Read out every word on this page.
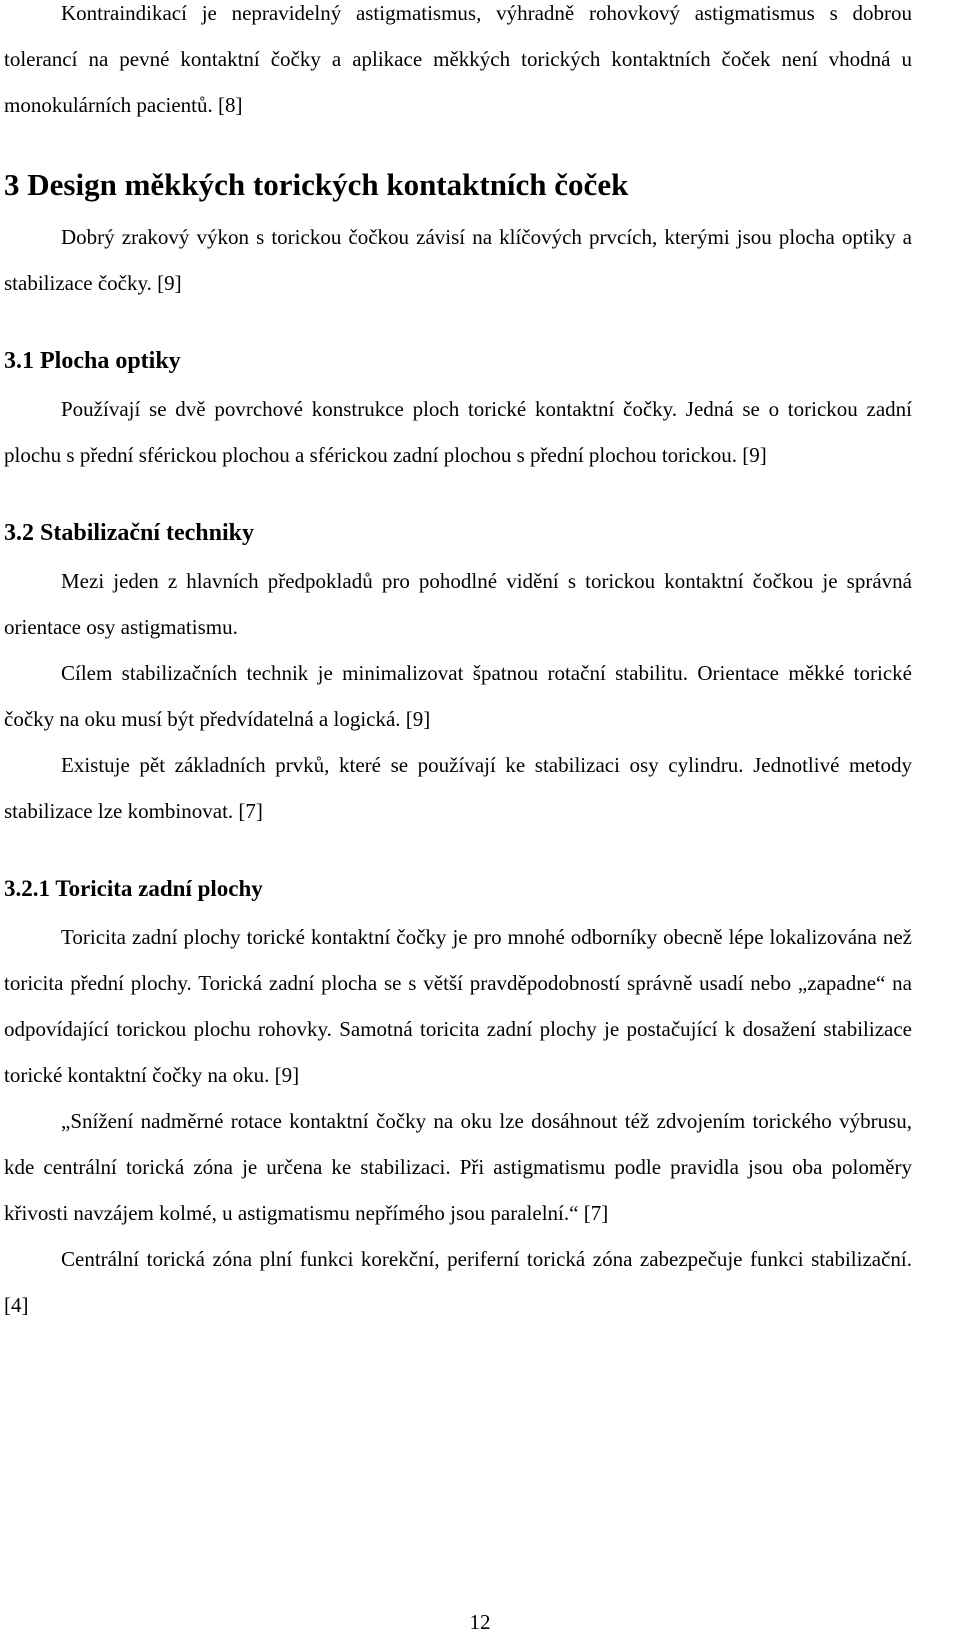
Kontraindikací je nepravidelný astigmatismus, výhradně rohovkový astigmatismus s dobrou tolerancí na pevné kontaktní čočky a aplikace měkkých torických kontaktních čoček není vhodná u monokulárních pacientů. [8]

3 Design měkkých torických kontaktních čoček

Dobrý zrakový výkon s torickou čočkou závisí na klíčových prvcích, kterými jsou plocha optiky a stabilizace čočky. [9]

3.1 Plocha optiky

Používají se dvě povrchové konstrukce ploch torické kontaktní čočky. Jedná se o torickou zadní plochu s přední sférickou plochou a sférickou zadní plochou s přední plochou torickou. [9]

3.2 Stabilizační techniky

Mezi jeden z hlavních předpokladů pro pohodlné vidění s torickou kontaktní čočkou je správná orientace osy astigmatismu.

Cílem stabilizačních technik je minimalizovat špatnou rotační stabilitu. Orientace měkké torické čočky na oku musí být předvídatelná a logická. [9]

Existuje pět základních prvků, které se používají ke stabilizaci osy cylindru. Jednotlivé metody stabilizace lze kombinovat. [7]

3.2.1 Toricita zadní plochy

Toricita zadní plochy torické kontaktní čočky je pro mnohé odborníky obecně lépe lokalizována než toricita přední plochy. Torická zadní plocha se s větší pravděpodobností správně usadí nebo „zapadne“ na odpovídající torickou plochu rohovky. Samotná toricita zadní plochy je postačující k dosažení stabilizace torické kontaktní čočky na oku. [9]

„Snížení nadměrné rotace kontaktní čočky na oku lze dosáhnout též zdvojením torického výbrusu, kde centrální torická zóna je určena ke stabilizaci. Při astigmatismu podle pravidla jsou oba poloměry křivosti navzájem kolmé, u astigmatismu nepřímého jsou paralelní.“ [7]

Centrální torická zóna plní funkci korekční, periferní torická zóna zabezpečuje funkci stabilizační. [4]

12
